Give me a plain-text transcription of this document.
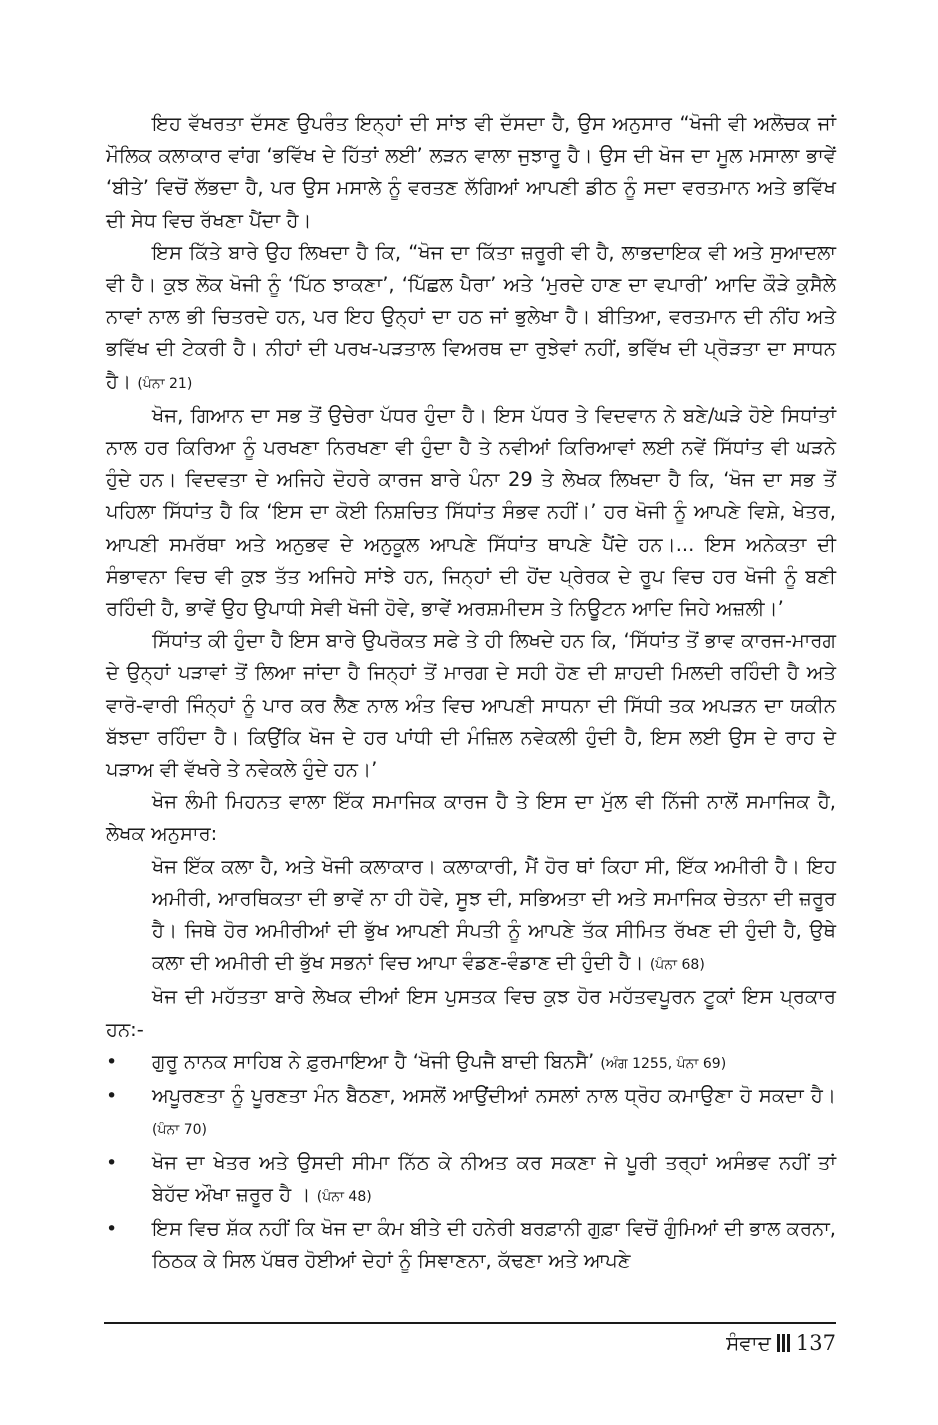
ਇਹ ਵੱਖਰਤਾ ਦੱਸਣ ਉਪਰੰਤ ਇਨ੍ਹਾਂ ਦੀ ਸਾਂਝ ਵੀ ਦੱਸਦਾ ਹੈ, ਉਸ ਅਨੁਸਾਰ “ਖੋਜੀ ਵੀ ਅਲੋਚਕ ਜਾਂ ਮੌਲਿਕ ਕਲਾਕਾਰ ਵਾਂਗ ‘ਭਵਿੱਖ ਦੇ ਹਿੱਤਾਂ ਲਈ’ ਲੜਨ ਵਾਲਾ ਜੁਝਾਰੂ ਹੈ। ਉਸ ਦੀ ਖੋਜ ਦਾ ਮੂਲ ਮਸਾਲਾ ਭਾਵੇਂ ‘ਬੀਤੇ’ ਵਿਚੋਂ ਲੱਭਦਾ ਹੈ, ਪਰ ਉਸ ਮਸਾਲੇ ਨੂੰ ਵਰਤਣ ਲੱਗਿਆਂ ਆਪਣੀ ਡੀਠ ਨੂੰ ਸਦਾ ਵਰਤਮਾਨ ਅਤੇ ਭਵਿੱਖ ਦੀ ਸੇਧ ਵਿਚ ਰੱਖਣਾ ਪੈਂਦਾ ਹੈ।

ਇਸ ਕਿੱਤੇ ਬਾਰੇ ਉਹ ਲਿਖਦਾ ਹੈ ਕਿ, “ਖੋਜ ਦਾ ਕਿੱਤਾ ਜ਼ਰੂਰੀ ਵੀ ਹੈ, ਲਾਭਦਾਇਕ ਵੀ ਅਤੇ ਸੁਆਦਲਾ ਵੀ ਹੈ। ਕੁਝ ਲੋਕ ਖੋਜੀ ਨੂੰ ‘ਪਿੱਠ ਝਾਕਣਾ’, ‘ਪਿੱਛਲ ਪੈਰਾ’ ਅਤੇ ‘ਮੁਰਦੇ ਹਾਣ ਦਾ ਵਪਾਰੀ’ ਆਦਿ ਕੌੜੇ ਕੁਸੈਲੇ ਨਾਵਾਂ ਨਾਲ ਭੀ ਚਿਤਰਦੇ ਹਨ, ਪਰ ਇਹ ਉਨ੍ਹਾਂ ਦਾ ਹਠ ਜਾਂ ਭੁਲੇਖਾ ਹੈ। ਬੀਤਿਆ, ਵਰਤਮਾਨ ਦੀ ਨੀਂਹ ਅਤੇ ਭਵਿੱਖ ਦੀ ਟੇਕਰੀ ਹੈ। ਨੀਹਾਂ ਦੀ ਪਰਖ-ਪੜਤਾਲ ਵਿਅਰਥ ਦਾ ਰੁਝੇਵਾਂ ਨਹੀਂ, ਭਵਿੱਖ ਦੀ ਪ੍ਰੋੜਤਾ ਦਾ ਸਾਧਨ ਹੈ। (ਪੰਨਾ 21)

ਖੋਜ, ਗਿਆਨ ਦਾ ਸਭ ਤੋਂ ਉਚੇਰਾ ਪੱਧਰ ਹੁੰਦਾ ਹੈ। ਇਸ ਪੱਧਰ ਤੇ ਵਿਦਵਾਨ ਨੇ ਬਣੇ/ਘੜੇ ਹੋਏ ਸਿਧਾਂਤਾਂ ਨਾਲ ਹਰ ਕਿਰਿਆ ਨੂੰ ਪਰਖਣਾ ਨਿਰਖਣਾ ਵੀ ਹੁੰਦਾ ਹੈ ਤੇ ਨਵੀਆਂ ਕਿਰਿਆਵਾਂ ਲਈ ਨਵੇਂ ਸਿੱਧਾਂਤ ਵੀ ਘੜਨੇ ਹੁੰਦੇ ਹਨ। ਵਿਦਵਤਾ ਦੇ ਅਜਿਹੇ ਦੋਹਰੇ ਕਾਰਜ ਬਾਰੇ ਪੰਨਾ 29 ਤੇ ਲੇਖਕ ਲਿਖਦਾ ਹੈ ਕਿ, ‘ਖੋਜ ਦਾ ਸਭ ਤੋਂ ਪਹਿਲਾ ਸਿੱਧਾਂਤ ਹੈ ਕਿ ‘ਇਸ ਦਾ ਕੋਈ ਨਿਸ਼ਚਿਤ ਸਿੱਧਾਂਤ ਸੰਭਵ ਨਹੀਂ।’ ਹਰ ਖੋਜੀ ਨੂੰ ਆਪਣੇ ਵਿਸ਼ੇ, ਖੇਤਰ, ਆਪਣੀ ਸਮਰੱਥਾ ਅਤੇ ਅਨੁਭਵ ਦੇ ਅਨੁਕੂਲ ਆਪਣੇ ਸਿੱਧਾਂਤ ਥਾਪਣੇ ਪੈਂਦੇ ਹਨ।... ਇਸ ਅਨੇਕਤਾ ਦੀ ਸੰਭਾਵਨਾ ਵਿਚ ਵੀ ਕੁਝ ਤੱਤ ਅਜਿਹੇ ਸਾਂਝੇ ਹਨ, ਜਿਨ੍ਹਾਂ ਦੀ ਹੋਂਦ ਪ੍ਰੇਰਕ ਦੇ ਰੂਪ ਵਿਚ ਹਰ ਖੋਜੀ ਨੂੰ ਬਣੀ ਰਹਿੰਦੀ ਹੈ, ਭਾਵੇਂ ਉਹ ਉਪਾਧੀ ਸੇਵੀ ਖੋਜੀ ਹੋਵੇ, ਭਾਵੇਂ ਅਰਸ਼ਮੀਦਸ ਤੇ ਨਿਊਟਨ ਆਦਿ ਜਿਹੇ ਅਜ਼ਲੀ।’

ਸਿੱਧਾਂਤ ਕੀ ਹੁੰਦਾ ਹੈ ਇਸ ਬਾਰੇ ਉਪਰੋਕਤ ਸਫੇ ਤੇ ਹੀ ਲਿਖਦੇ ਹਨ ਕਿ, ‘ਸਿੱਧਾਂਤ ਤੋਂ ਭਾਵ ਕਾਰਜ-ਮਾਰਗ ਦੇ ਉਨ੍ਹਾਂ ਪੜਾਵਾਂ ਤੋਂ ਲਿਆ ਜਾਂਦਾ ਹੈ ਜਿਨ੍ਹਾਂ ਤੋਂ ਮਾਰਗ ਦੇ ਸਹੀ ਹੋਣ ਦੀ ਸ਼ਾਹਦੀ ਮਿਲਦੀ ਰਹਿੰਦੀ ਹੈ ਅਤੇ ਵਾਰੋ-ਵਾਰੀ ਜਿੰਨ੍ਹਾਂ ਨੂੰ ਪਾਰ ਕਰ ਲੈਣ ਨਾਲ ਅੰਤ ਵਿਚ ਆਪਣੀ ਸਾਧਨਾ ਦੀ ਸਿੱਧੀ ਤਕ ਅਪੜਨ ਦਾ ਯਕੀਨ ਬੱਝਦਾ ਰਹਿੰਦਾ ਹੈ। ਕਿਉਂਕਿ ਖੋਜ ਦੇ ਹਰ ਪਾਂਧੀ ਦੀ ਮੰਜ਼ਿਲ ਨਵੇਕਲੀ ਹੁੰਦੀ ਹੈ, ਇਸ ਲਈ ਉਸ ਦੇ ਰਾਹ ਦੇ ਪੜਾਅ ਵੀ ਵੱਖਰੇ ਤੇ ਨਵੇਕਲੇ ਹੁੰਦੇ ਹਨ।’

ਖੋਜ ਲੰਮੀ ਮਿਹਨਤ ਵਾਲਾ ਇੱਕ ਸਮਾਜਿਕ ਕਾਰਜ ਹੈ ਤੇ ਇਸ ਦਾ ਮੁੱਲ ਵੀ ਨਿੱਜੀ ਨਾਲੋਂ ਸਮਾਜਿਕ ਹੈ, ਲੇਖਕ ਅਨੁਸਾਰ:

ਖੋਜ ਇੱਕ ਕਲਾ ਹੈ, ਅਤੇ ਖੋਜੀ ਕਲਾਕਾਰ। ਕਲਾਕਾਰੀ, ਮੈਂ ਹੋਰ ਥਾਂ ਕਿਹਾ ਸੀ, ਇੱਕ ਅਮੀਰੀ ਹੈ। ਇਹ ਅਮੀਰੀ, ਆਰਥਿਕਤਾ ਦੀ ਭਾਵੇਂ ਨਾ ਹੀ ਹੋਵੇ, ਸੂਝ ਦੀ, ਸਭਿਅਤਾ ਦੀ ਅਤੇ ਸਮਾਜਿਕ ਚੇਤਨਾ ਦੀ ਜ਼ਰੂਰ ਹੈ। ਜਿਥੇ ਹੋਰ ਅਮੀਰੀਆਂ ਦੀ ਭੁੱਖ ਆਪਣੀ ਸੰਪਤੀ ਨੂੰ ਆਪਣੇ ਤੱਕ ਸੀਮਿਤ ਰੱਖਣ ਦੀ ਹੁੰਦੀ ਹੈ, ਉਥੇ ਕਲਾ ਦੀ ਅਮੀਰੀ ਦੀ ਭੁੱਖ ਸਭਨਾਂ ਵਿਚ ਆਪਾ ਵੰਡਣ-ਵੰਡਾਣ ਦੀ ਹੁੰਦੀ ਹੈ। (ਪੰਨਾ 68)

ਖੋਜ ਦੀ ਮਹੱਤਤਾ ਬਾਰੇ ਲੇਖਕ ਦੀਆਂ ਇਸ ਪੁਸਤਕ ਵਿਚ ਕੁਝ ਹੋਰ ਮਹੱਤਵਪੂਰਨ ਟੂਕਾਂ ਇਸ ਪ੍ਰਕਾਰ ਹਨ:-

• ਗੁਰੂ ਨਾਨਕ ਸਾਹਿਬ ਨੇ ਫ਼ੁਰਮਾਇਆ ਹੈ ‘ਖੋਜੀ ਉਪਜੈ ਬਾਦੀ ਬਿਨਸੈ’ (ਅੰਗ 1255, ਪੰਨਾ 69)
• ਅਪੂਰਣਤਾ ਨੂੰ ਪੂਰਣਤਾ ਮੰਨ ਬੈਠਣਾ, ਅਸਲੋਂ ਆਉਂਦੀਆਂ ਨਸਲਾਂ ਨਾਲ ਧ੍ਰੋਹ ਕਮਾਉਣਾ ਹੋ ਸਕਦਾ ਹੈ। (ਪੰਨਾ 70)
• ਖੋਜ ਦਾ ਖੇਤਰ ਅਤੇ ਉਸਦੀ ਸੀਮਾ ਨਿੱਠ ਕੇ ਨੀਅਤ ਕਰ ਸਕਣਾ ਜੇ ਪੂਰੀ ਤਰ੍ਹਾਂ ਅਸੰਭਵ ਨਹੀਂ ਤਾਂ ਬੇਹੱਦ ਔਖਾ ਜ਼ਰੂਰ ਹੈ । (ਪੰਨਾ 48)
• ਇਸ ਵਿਚ ਸ਼ੱਕ ਨਹੀਂ ਕਿ ਖੋਜ ਦਾ ਕੰਮ ਬੀਤੇ ਦੀ ਹਨੇਰੀ ਬਰਫ਼ਾਨੀ ਗੁਫ਼ਾ ਵਿਚੋਂ ਗੁੰਮਿਆਂ ਦੀ ਭਾਲ ਕਰਨਾ, ਠਿਠਕ ਕੇ ਸਿਲ ਪੱਥਰ ਹੋਈਆਂ ਦੇਹਾਂ ਨੂੰ ਸਿਞਾਣਨਾ, ਕੱਢਣਾ ਅਤੇ ਆਪਣੇ
ਸੰਵਾਦ 137
